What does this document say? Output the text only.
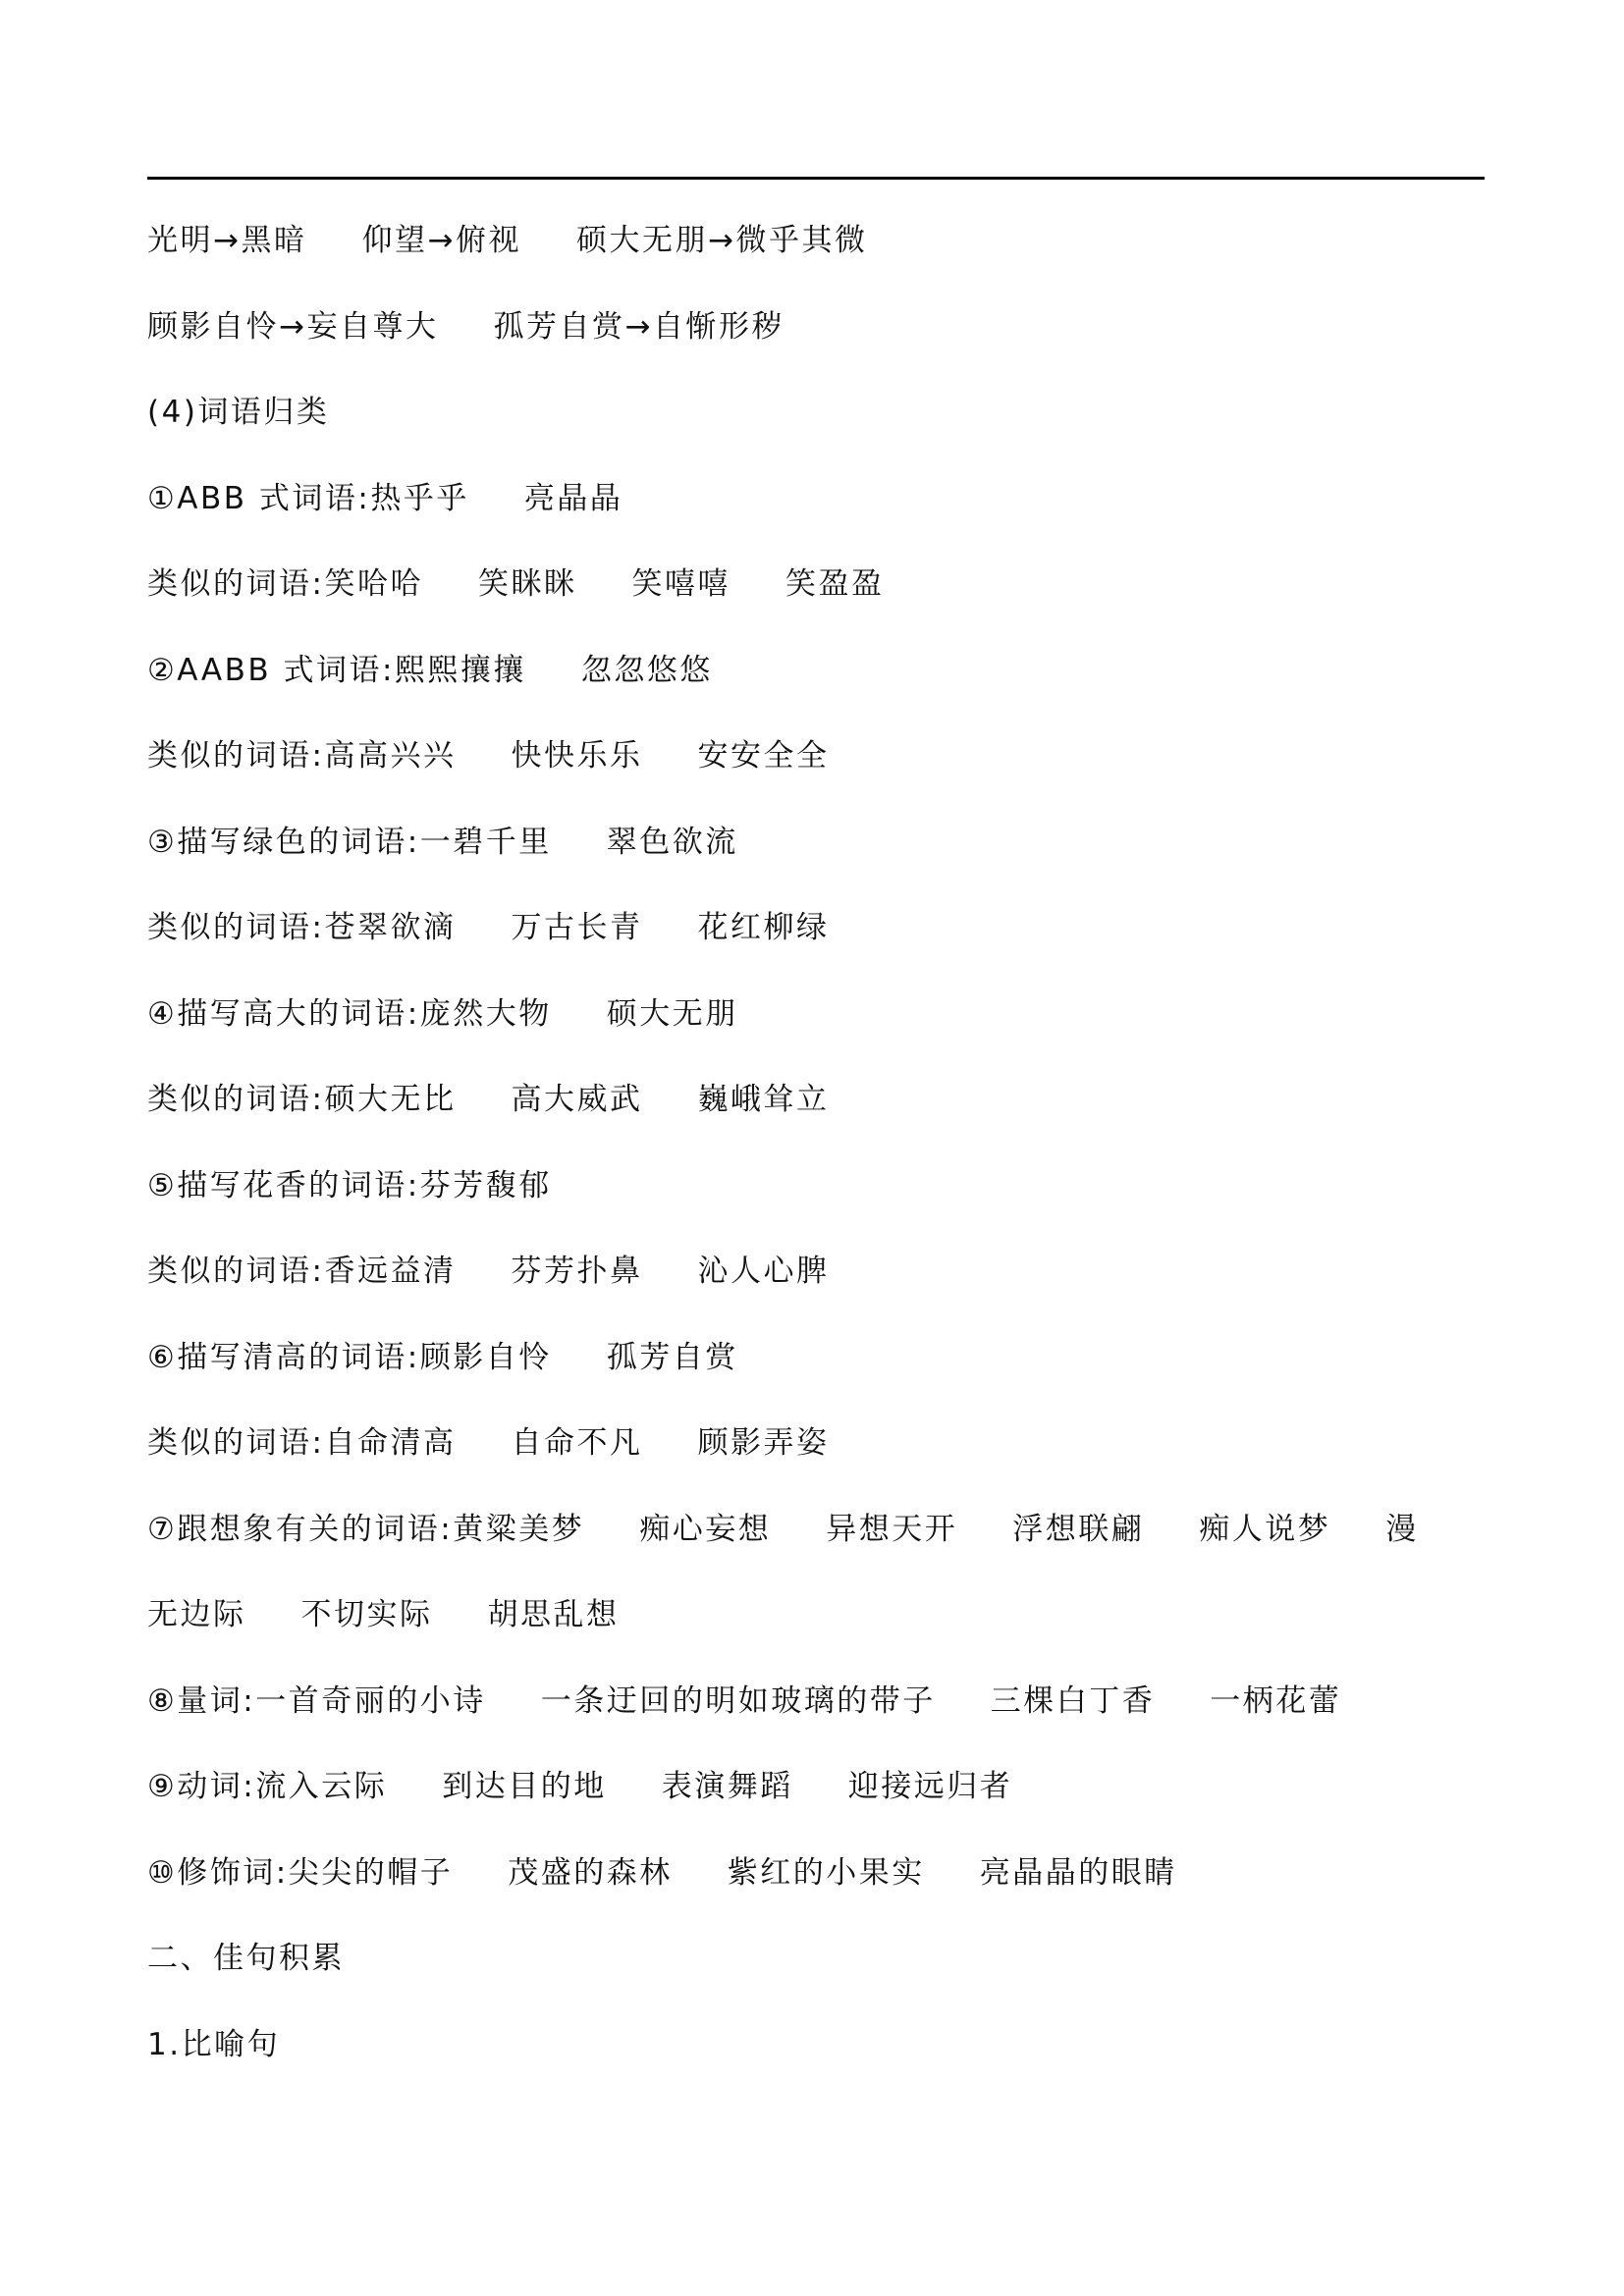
光明→黑暗 仰望→俯视 硕大无朋→微乎其微
顾影自怜→妄自尊大 孤芳自赏→自惭形秽
(4)词语归类
①ABB 式词语:热乎乎 亮晶晶
类似的词语:笑哈哈 笑眯眯 笑嘻嘻 笑盈盈
②AABB 式词语:熙熙攘攘 忽忽悠悠
类似的词语:高高兴兴 快快乐乐 安安全全
③描写绿色的词语:一碧千里 翠色欲流
类似的词语:苍翠欲滴 万古长青 花红柳绿
④描写高大的词语:庞然大物 硕大无朋
类似的词语:硕大无比 高大威武 巍峨耸立
⑤描写花香的词语:芬芳馥郁
类似的词语:香远益清 芬芳扑鼻 沁人心脾
⑥描写清高的词语:顾影自怜 孤芳自赏
类似的词语:自命清高 自命不凡 顾影弄姿
⑦跟想象有关的词语:黄粱美梦 痴心妄想 异想天开 浮想联翩 痴人说梦 漫
无边际 不切实际 胡思乱想
⑧量词:一首奇丽的小诗 一条迂回的明如玻璃的带子 三棵白丁香 一柄花蕾
⑨动词:流入云际 到达目的地 表演舞蹈 迎接远归者
⑩修饰词:尖尖的帽子 茂盛的森林 紫红的小果实 亮晶晶的眼睛
二、佳句积累
1.比喻句
